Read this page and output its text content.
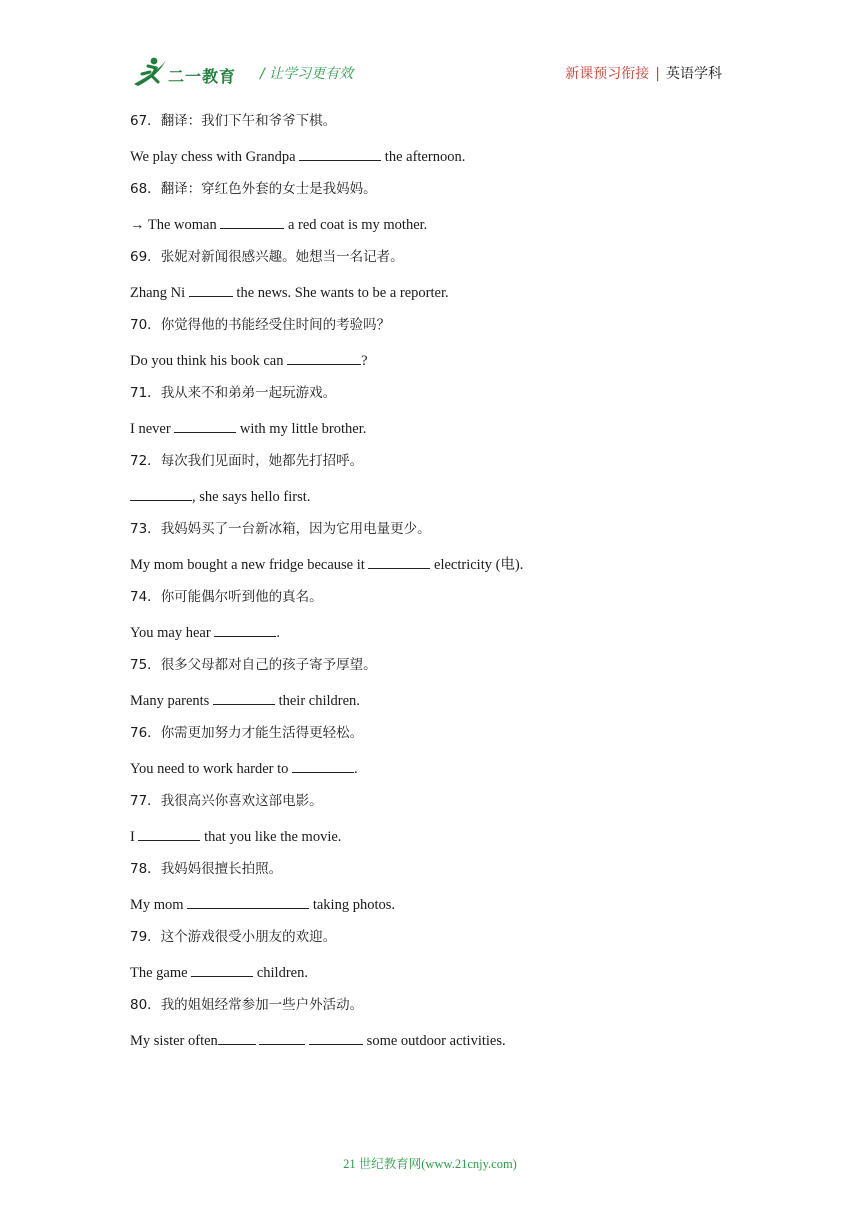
二一教育 / 让学习更有效	新课预习衔接 | 英语学科
67．翻译：我们下午和爷爷下棋。
We play chess with Grandpa	the afternoon.
68．翻译：穿红色外套的女士是我妈妈。
→ The woman	a red coat is my mother.
69．张妮对新闻很感兴趣。她想当一名记者。
Zhang Ni	the news. She wants to be a reporter.
70．你觉得他的书能经受住时间的考验吗？
Do you think his book can	?
71．我从来不和弟弟一起玩游戏。
I never	with my little brother.
72．每次我们见面时，她都先打招呼。
, she says hello first.
73．我妈妈买了一台新冰箱，因为它用电量更少。
My mom bought a new fridge because it	electricity (电).
74．你可能偶尔听到他的真名。
You may hear	.
75．很多父母都对自己的孩子寄予厚望。
Many parents	their children.
76．你需更加努力才能生活得更轻松。
You need to work harder to	.
77．我很高兴你喜欢这部电影。
I	that you like the movie.
78．我妈妈很擅长拍照。
My mom	taking photos.
79．这个游戏很受小朋友的欢迎。
The game	children.
80．我的姐姐经常参加一些户外活动。
My sister often	some outdoor activities.
21 世纪教育网(www.21cnjy.com)
